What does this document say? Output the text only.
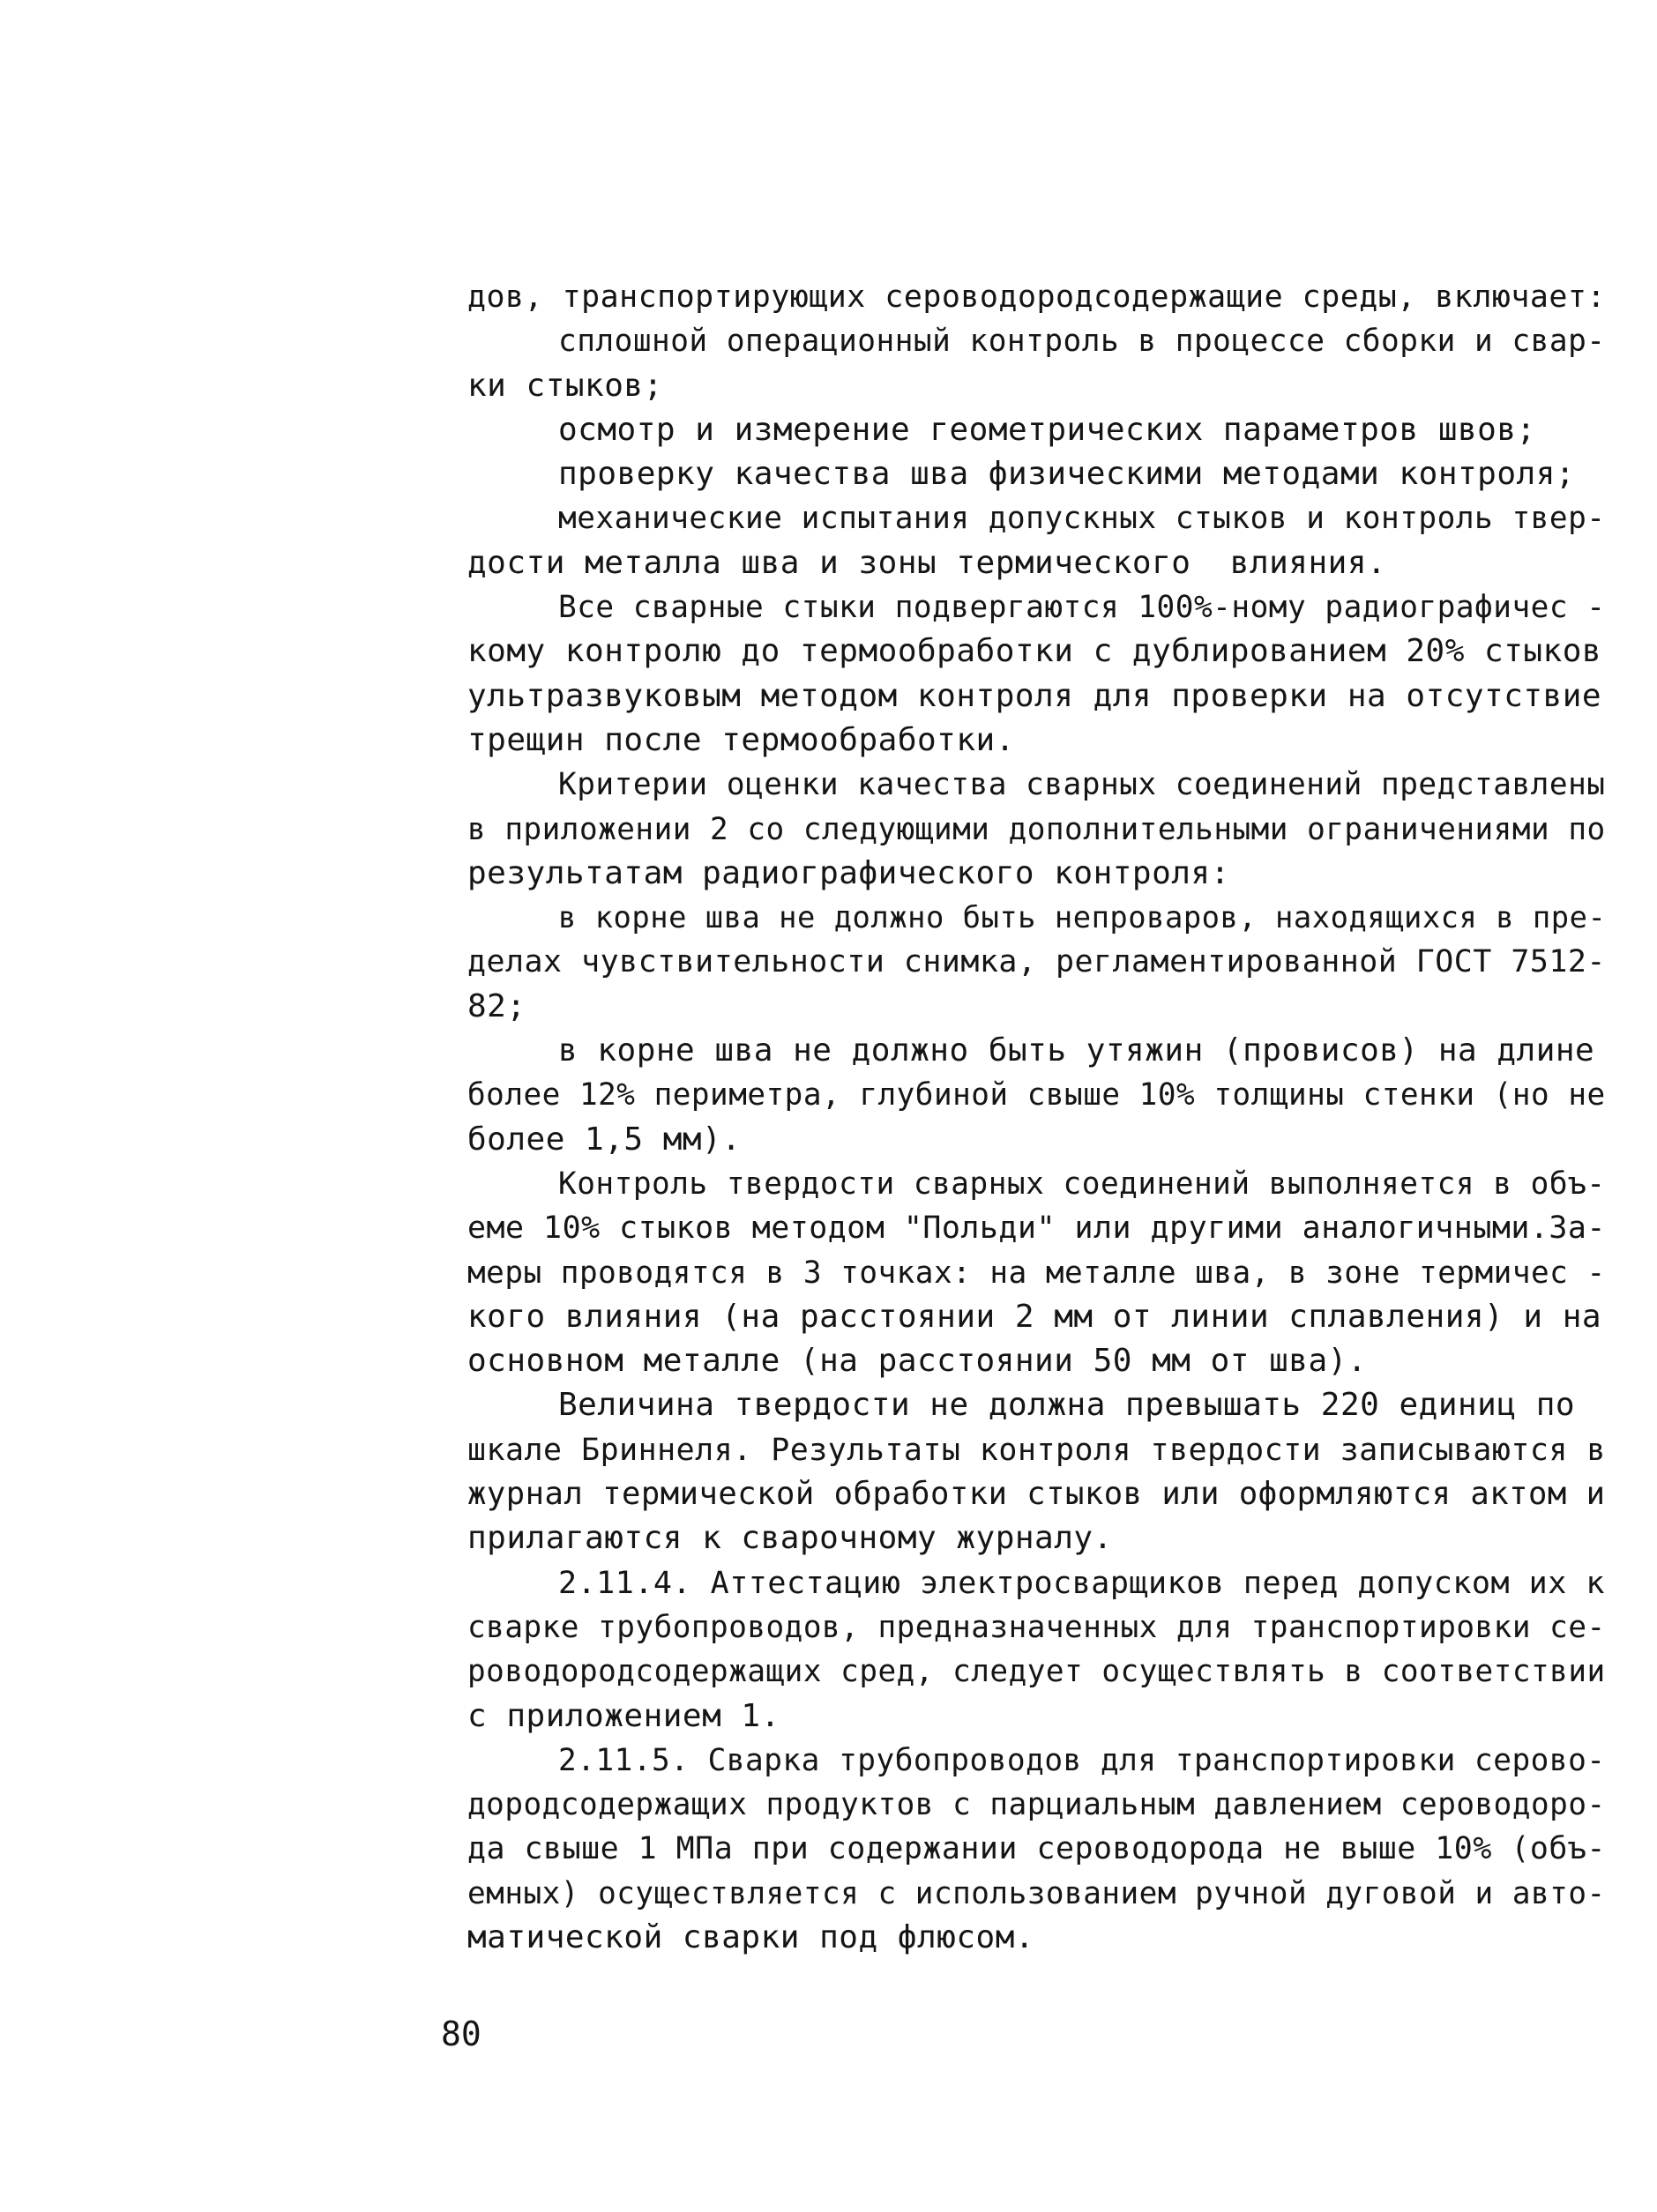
дов, транспортирующих сероводородсодержащие среды, включает:
сплошной операционный контроль в процессе сборки и свар-
ки стыков;
осмотр и измерение геометрических параметров швов;
проверку качества шва физическими методами контроля;
механические испытания допускных стыков и контроль твер-
дости металла шва и зоны термического  влияния.
Все сварные стыки подвергаются 100%-ному радиографичес -
кому контролю до термообработки с дублированием 20% стыков
ультразвуковым методом контроля для проверки на отсутствие
трещин после термообработки.
Критерии оценки качества сварных соединений представлены
в приложении 2 со следующими дополнительными ограничениями по
результатам радиографического контроля:
в корне шва не должно быть непроваров, находящихся в пре-
делах чувствительности снимка, регламентированной ГОСТ 7512-
82;
в корне шва не должно быть утяжин (провисов) на длине
более 12% периметра, глубиной свыше 10% толщины стенки (но не
более 1,5 мм).
Контроль твердости сварных соединений выполняется в объ-
еме 10% стыков методом "Польди" или другими аналогичными.За-
меры проводятся в 3 точках: на металле шва, в зоне термичес -
кого влияния (на расстоянии 2 мм от линии сплавления) и на
основном металле (на расстоянии 50 мм от шва).
Величина твердости не должна превышать 220 единиц по
шкале Бриннеля. Результаты контроля твердости записываются в
журнал термической обработки стыков или оформляются актом и
прилагаются к сварочному журналу.
2.11.4. Аттестацию электросварщиков перед допуском их к
сварке трубопроводов, предназначенных для транспортировки се-
роводородсодержащих сред, следует осуществлять в соответствии
с приложением 1.
2.11.5. Сварка трубопроводов для транспортировки серово-
дородсодержащих продуктов с парциальным давлением сероводоро-
да свыше 1 МПа при содержании сероводорода не выше 10% (объ-
емных) осуществляется с использованием ручной дуговой и авто-
матической сварки под флюсом.
80
